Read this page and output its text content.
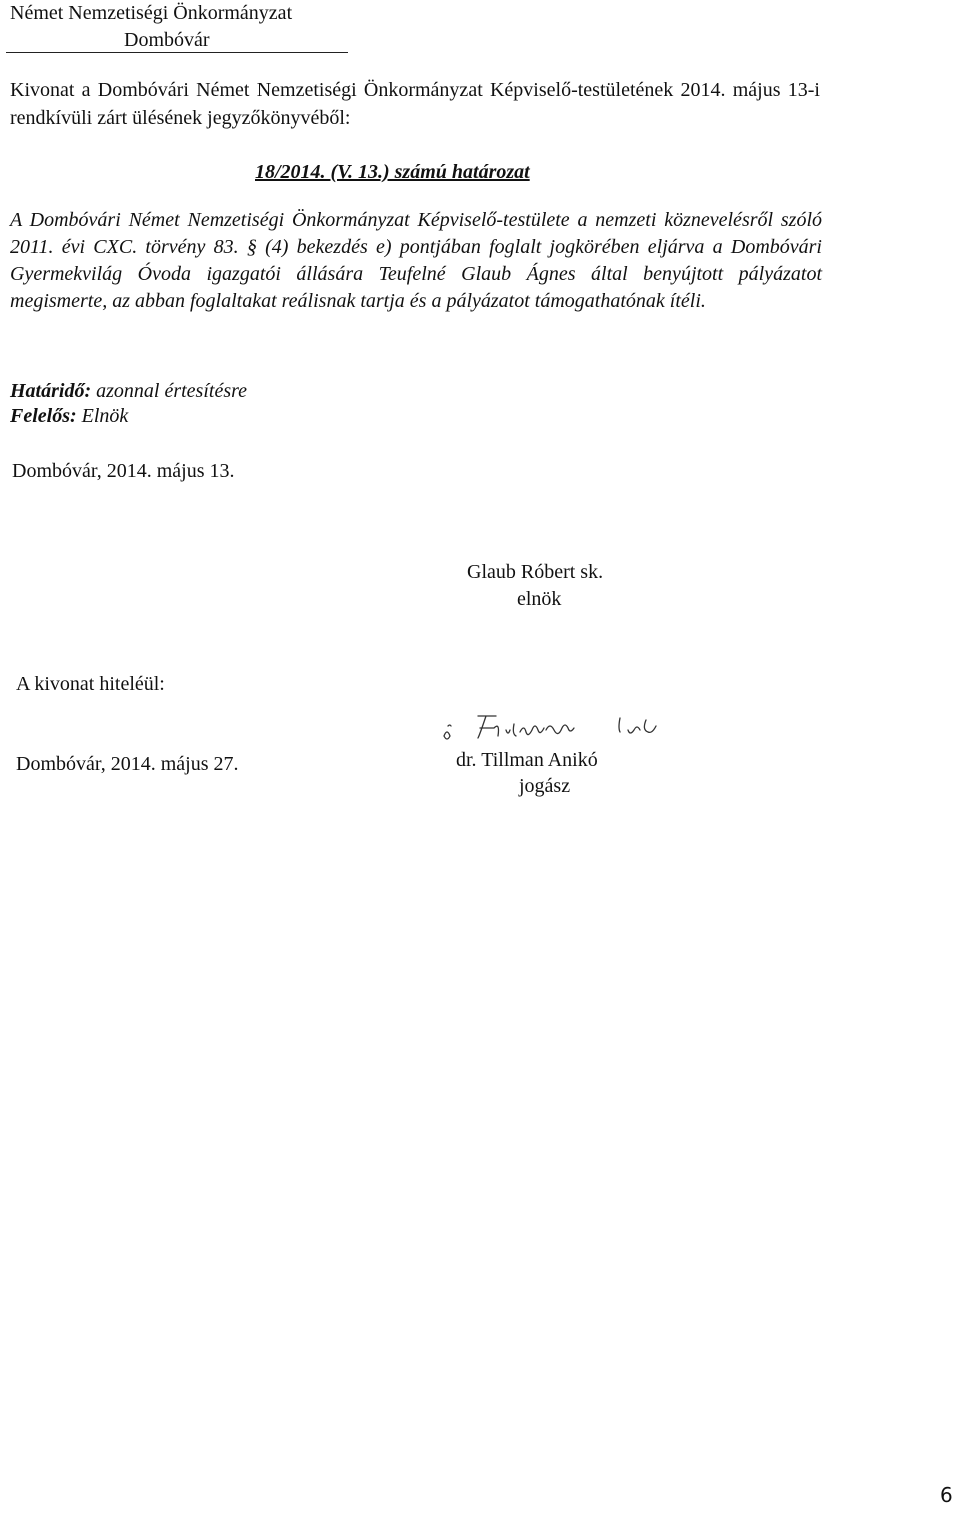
Német Nemzetiségi Önkormányzat
Dombóvár
Kivonat a Dombóvári Német Nemzetiségi Önkormányzat Képviselő-testületének 2014. május 13-i rendkívüli zárt ülésének jegyzőkönyvéből:
18/2014. (V. 13.) számú határozat
A Dombóvári Német Nemzetiségi Önkormányzat Képviselő-testülete a nemzeti köznevelésről szóló 2011. évi CXC. törvény 83. § (4) bekezdés e) pontjában foglalt jogkörében eljárva a Dombóvári Gyermekvilág Óvoda igazgatói állására Teufelné Glaub Ágnes által benyújtott pályázatot megismerte, az abban foglaltakat reálisnak tartja és a pályázatot támogathatónak ítéli.
Határidő: azonnal értesítésre
Felelős: Elnök
Dombóvár, 2014. május 13.
Glaub Róbert sk.
elnök
A kivonat hiteléül:
Dombóvár, 2014. május 27.	dr. Tillman Anikó
jogász
6
